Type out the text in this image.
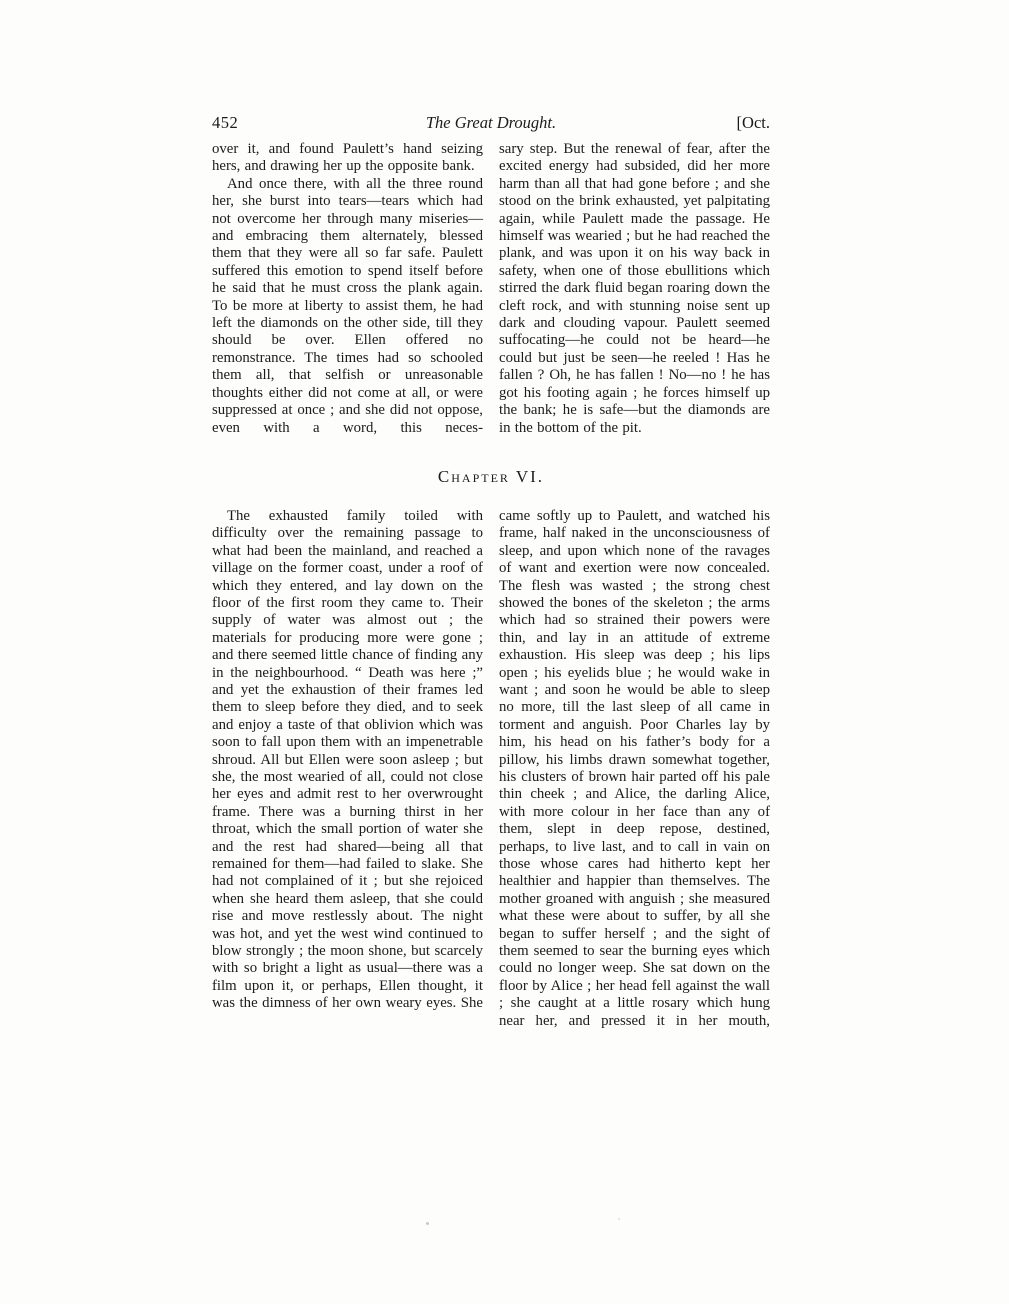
452	The Great Drought.	[Oct.

over it, and found Paulett’s hand seizing hers, and drawing her up the opposite bank.

And once there, with all the three round her, she burst into tears—tears which had not overcome her through many miseries—and embracing them alternately, blessed them that they were all so far safe. Paulett suffered this emotion to spend itself before he said that he must cross the plank again. To be more at liberty to assist them, he had left the diamonds on the other side, till they should be over. Ellen offered no remonstrance. The times had so schooled them all, that selfish or unreasonable thoughts either did not come at all, or were suppressed at once ; and she did not oppose, even with a word, this neces-

sary step. But the renewal of fear, after the excited energy had subsided, did her more harm than all that had gone before ; and she stood on the brink exhausted, yet palpitating again, while Paulett made the passage. He himself was wearied ; but he had reached the plank, and was upon it on his way back in safety, when one of those ebullitions which stirred the dark fluid began roaring down the cleft rock, and with stunning noise sent up dark and clouding vapour. Paulett seemed suffocating—he could not be heard—he could but just be seen—he reeled ! Has he fallen ? Oh, he has fallen ! No—no ! he has got his footing again ; he forces himself up the bank; he is safe—but the diamonds are in the bottom of the pit.

Chapter VI.

The exhausted family toiled with difficulty over the remaining passage to what had been the mainland, and reached a village on the former coast, under a roof of which they entered, and lay down on the floor of the first room they came to. Their supply of water was almost out ; the materials for producing more were gone ; and there seemed little chance of finding any in the neighbourhood. “ Death was here ;” and yet the exhaustion of their frames led them to sleep before they died, and to seek and enjoy a taste of that oblivion which was soon to fall upon them with an impenetrable shroud. All but Ellen were soon asleep ; but she, the most wearied of all, could not close her eyes and admit rest to her overwrought frame. There was a burning thirst in her throat, which the small portion of water she and the rest had shared—being all that remained for them—had failed to slake. She had not complained of it ; but she rejoiced when she heard them asleep, that she could rise and move restlessly about. The night was hot, and yet the west wind continued to blow strongly ; the moon shone, but scarcely with so bright a light as usual—there was a film upon it, or perhaps, Ellen thought, it was the dimness of her own weary eyes. She

came softly up to Paulett, and watched his frame, half naked in the unconsciousness of sleep, and upon which none of the ravages of want and exertion were now concealed. The flesh was wasted ; the strong chest showed the bones of the skeleton ; the arms which had so strained their powers were thin, and lay in an attitude of extreme exhaustion. His sleep was deep ; his lips open ; his eyelids blue ; he would wake in want ; and soon he would be able to sleep no more, till the last sleep of all came in torment and anguish. Poor Charles lay by him, his head on his father’s body for a pillow, his limbs drawn somewhat together, his clusters of brown hair parted off his pale thin cheek ; and Alice, the darling Alice, with more colour in her face than any of them, slept in deep repose, destined, perhaps, to live last, and to call in vain on those whose cares had hitherto kept her healthier and happier than themselves. The mother groaned with anguish ; she measured what these were about to suffer, by all she began to suffer herself ; and the sight of them seemed to sear the burning eyes which could no longer weep. She sat down on the floor by Alice ; her head fell against the wall ; she caught at a little rosary which hung near her, and pressed it in her mouth,
